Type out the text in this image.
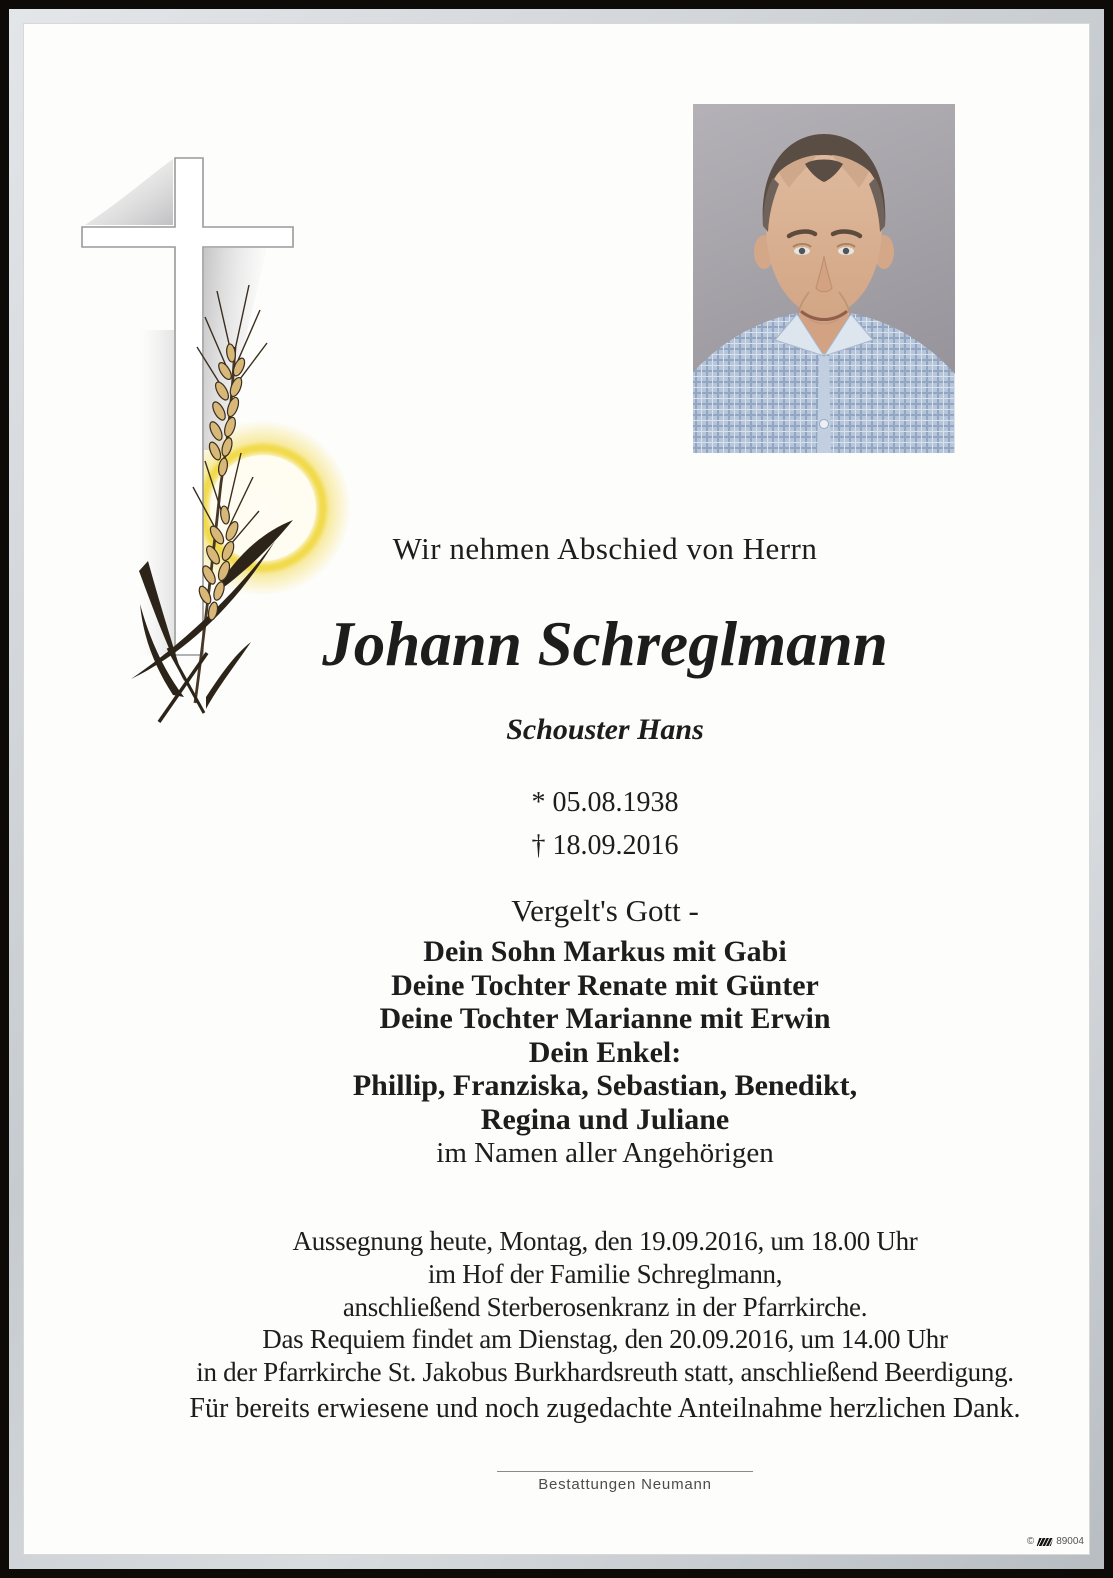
Wir nehmen Abschied von Herrn
Johann Schreglmann
Schouster Hans
* 05.08.1938
† 18.09.2016
Vergelt's Gott -
Dein Sohn Markus mit Gabi
Deine Tochter Renate mit Günter
Deine Tochter Marianne mit Erwin
Dein Enkel:
Phillip, Franziska, Sebastian, Benedikt,
Regina und Juliane
im Namen aller Angehörigen
Aussegnung heute, Montag, den 19.09.2016, um 18.00 Uhr
im Hof der Familie Schreglmann,
anschließend Sterberosenkranz in der Pfarrkirche.
Das Requiem findet am Dienstag, den 20.09.2016, um 14.00 Uhr
in der Pfarrkirche St. Jakobus Burkhardsreuth statt, anschließend Beerdigung.
Für bereits erwiesene und noch zugedachte Anteilnahme herzlichen Dank.
Bestattungen Neumann
© 89004
